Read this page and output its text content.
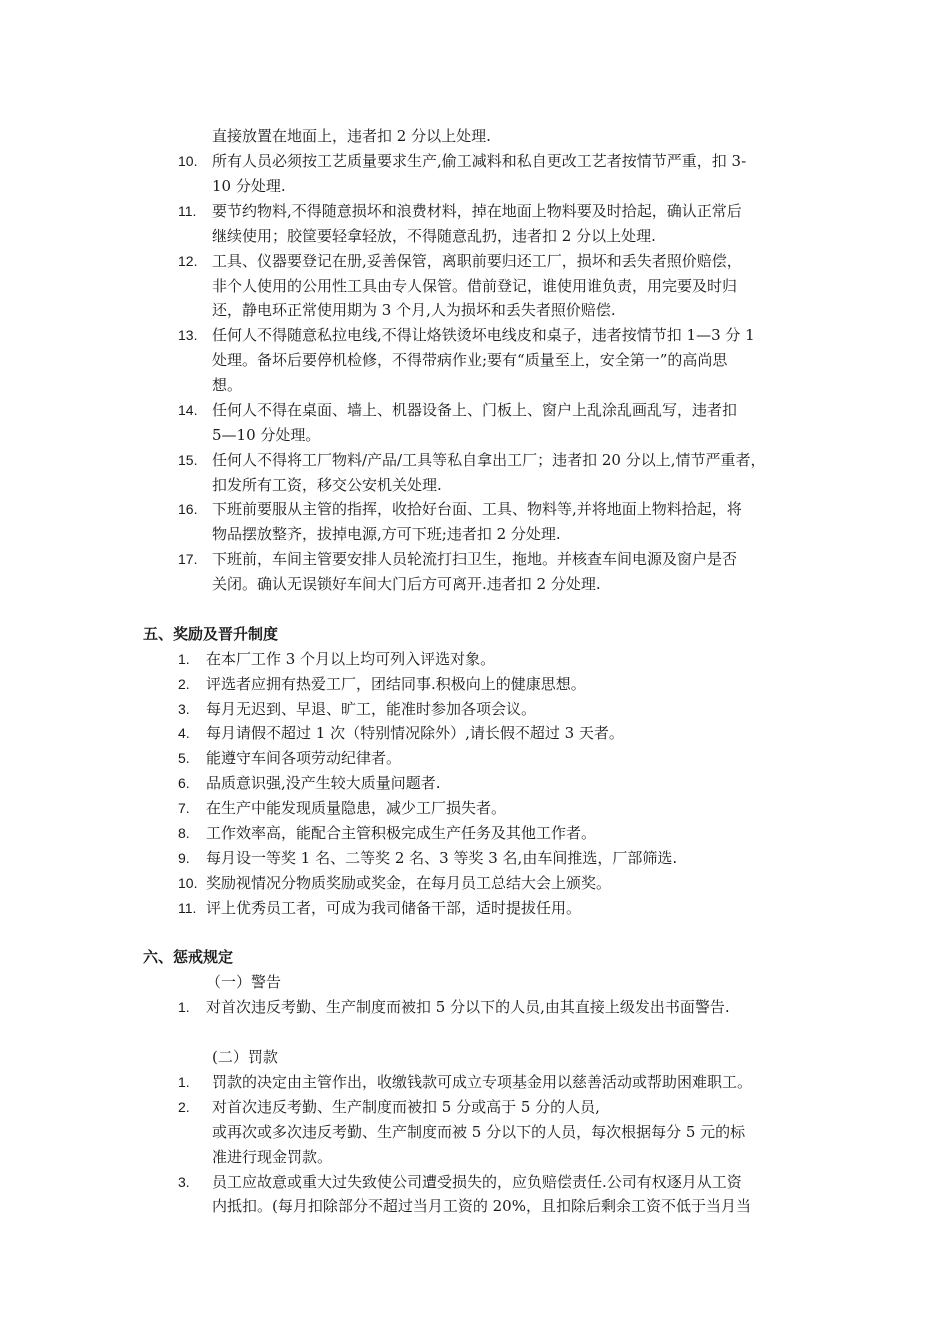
直接放置在地面上，违者扣 2 分以上处理.
10. 所有人员必须按工艺质量要求生产,偷工减料和私自更改工艺者按情节严重，扣 3-
10 分处理.
11. 要节约物料,不得随意损坏和浪费材料，掉在地面上物料要及时拾起，确认正常后
继续使用；胶筐要轻拿轻放，不得随意乱扔，违者扣 2 分以上处理.
12. 工具、仪器要登记在册,妥善保管，离职前要归还工厂，损坏和丢失者照价赔偿，
非个人使用的公用性工具由专人保管。借前登记，谁使用谁负责，用完要及时归
还，静电环正常使用期为 3 个月,人为损坏和丢失者照价赔偿.
13. 任何人不得随意私拉电线,不得让烙铁烫坏电线皮和桌子，违者按情节扣 1—3 分 1
处理。备坏后要停机检修，不得带病作业;要有“质量至上，安全第一”的高尚思
想。
14. 任何人不得在桌面、墙上、机器设备上、门板上、窗户上乱涂乱画乱写，违者扣
5—10 分处理。
15. 任何人不得将工厂物料/产品/工具等私自拿出工厂；违者扣 20 分以上,情节严重者，
扣发所有工资，移交公安机关处理.
16. 下班前要服从主管的指挥，收拾好台面、工具、物料等,并将地面上物料拾起，将
物品摆放整齐，拔掉电源,方可下班;违者扣 2 分处理.
17. 下班前，车间主管要安排人员轮流打扫卫生，拖地。并核查车间电源及窗户是否
关闭。确认无误锁好车间大门后方可离开.违者扣 2 分处理.
五、奖励及晋升制度
1. 在本厂工作 3 个月以上均可列入评选对象。
2. 评选者应拥有热爱工厂，团结同事.积极向上的健康思想。
3. 每月无迟到、早退、旷工，能准时参加各项会议。
4. 每月请假不超过 1 次（特别情况除外）,请长假不超过 3 天者。
5. 能遵守车间各项劳动纪律者。
6. 品质意识强,没产生较大质量问题者.
7. 在生产中能发现质量隐患，减少工厂损失者。
8. 工作效率高，能配合主管积极完成生产任务及其他工作者。
9. 每月设一等奖 1 名、二等奖 2 名、3 等奖 3 名,由车间推选，厂部筛选.
10. 奖励视情况分物质奖励或奖金，在每月员工总结大会上颁奖。
11. 评上优秀员工者，可成为我司储备干部，适时提拔任用。
六、惩戒规定
（一）警告
1. 对首次违反考勤、生产制度而被扣 5 分以下的人员,由其直接上级发出书面警告.
(二）罚款
1. 罚款的决定由主管作出，收缴钱款可成立专项基金用以慈善活动或帮助困难职工。
2. 对首次违反考勤、生产制度而被扣 5 分或高于 5 分的人员,
或再次或多次违反考勤、生产制度而被 5 分以下的人员，每次根据每分 5 元的标
准进行现金罚款。
3. 员工应故意或重大过失致使公司遭受损失的，应负赔偿责任.公司有权逐月从工资
内抵扣。(每月扣除部分不超过当月工资的 20%，且扣除后剩余工资不低于当月当
